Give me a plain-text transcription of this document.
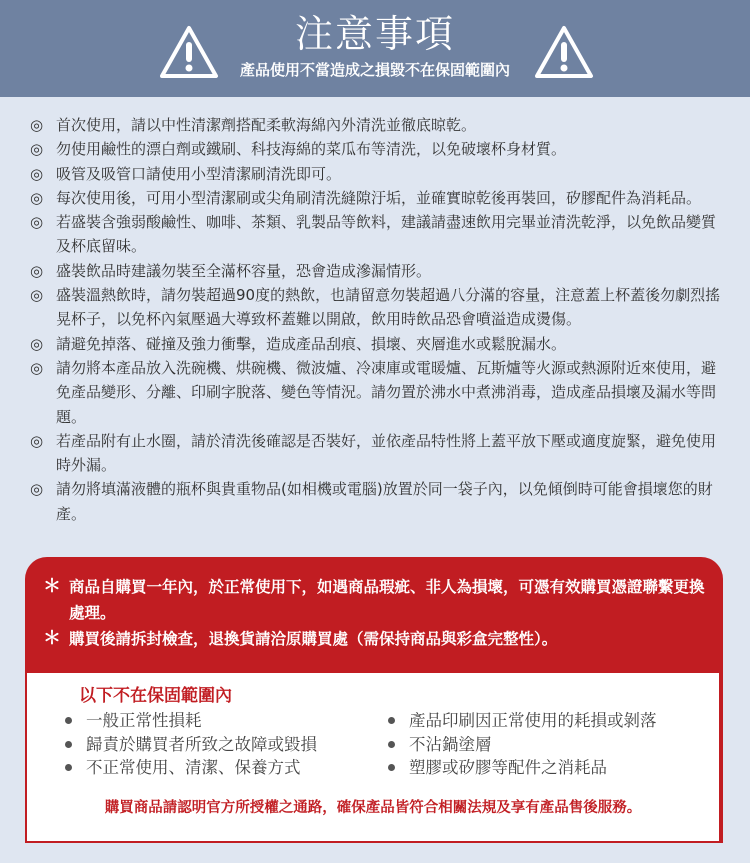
注意事項
產品使用不當造成之損毀不在保固範圍內
◎ 首次使用，請以中性清潔劑搭配柔軟海綿內外清洗並徹底晾乾。
◎ 勿使用鹼性的漂白劑或鐵刷、科技海綿的菜瓜布等清洗，以免破壞杯身材質。
◎ 吸管及吸管口請使用小型清潔刷清洗即可。
◎ 每次使用後，可用小型清潔刷或尖角刷清洗縫隙汙垢，並確實晾乾後再裝回，矽膠配件為消耗品。
◎ 若盛裝含強弱酸鹼性、咖啡、茶類、乳製品等飲料，建議請盡速飲用完畢並清洗乾淨，以免飲品變質及杯底留味。
◎ 盛裝飲品時建議勿裝至全滿杯容量，恐會造成滲漏情形。
◎ 盛裝溫熱飲時，請勿裝超過90度的熱飲，也請留意勿裝超過八分滿的容量，注意蓋上杯蓋後勿劇烈搖晃杯子，以免杯內氣壓過大導致杯蓋難以開啟，飲用時飲品恐會噴溢造成燙傷。
◎ 請避免掉落、碰撞及強力衝擊，造成產品刮痕、損壞、夾層進水或鬆脫漏水。
◎ 請勿將本產品放入洗碗機、烘碗機、微波爐、冷凍庫或電暖爐、瓦斯爐等火源或熱源附近來使用，避免產品變形、分離、印刷字脫落、變色等情況。請勿置於沸水中煮沸消毒，造成產品損壞及漏水等問題。
◎ 若產品附有止水圈，請於清洗後確認是否裝好，並依產品特性將上蓋平放下壓或適度旋緊，避免使用時外漏。
◎ 請勿將填滿液體的瓶杯與貴重物品(如相機或電腦)放置於同一袋子內，以免傾倒時可能會損壞您的財產。
＊ 商品自購買一年內，於正常使用下，如遇商品瑕疵、非人為損壞，可憑有效購買憑證聯繫更換處理。
＊ 購買後請拆封檢查，退換貨請洽原購買處（需保持商品與彩盒完整性）。
以下不在保固範圍內
一般正常性損耗
歸責於購買者所致之故障或毀損
不正常使用、清潔、保養方式
產品印刷因正常使用的耗損或剝落
不沾鍋塗層
塑膠或矽膠等配件之消耗品
購買商品請認明官方所授權之通路，確保產品皆符合相關法規及享有產品售後服務。
